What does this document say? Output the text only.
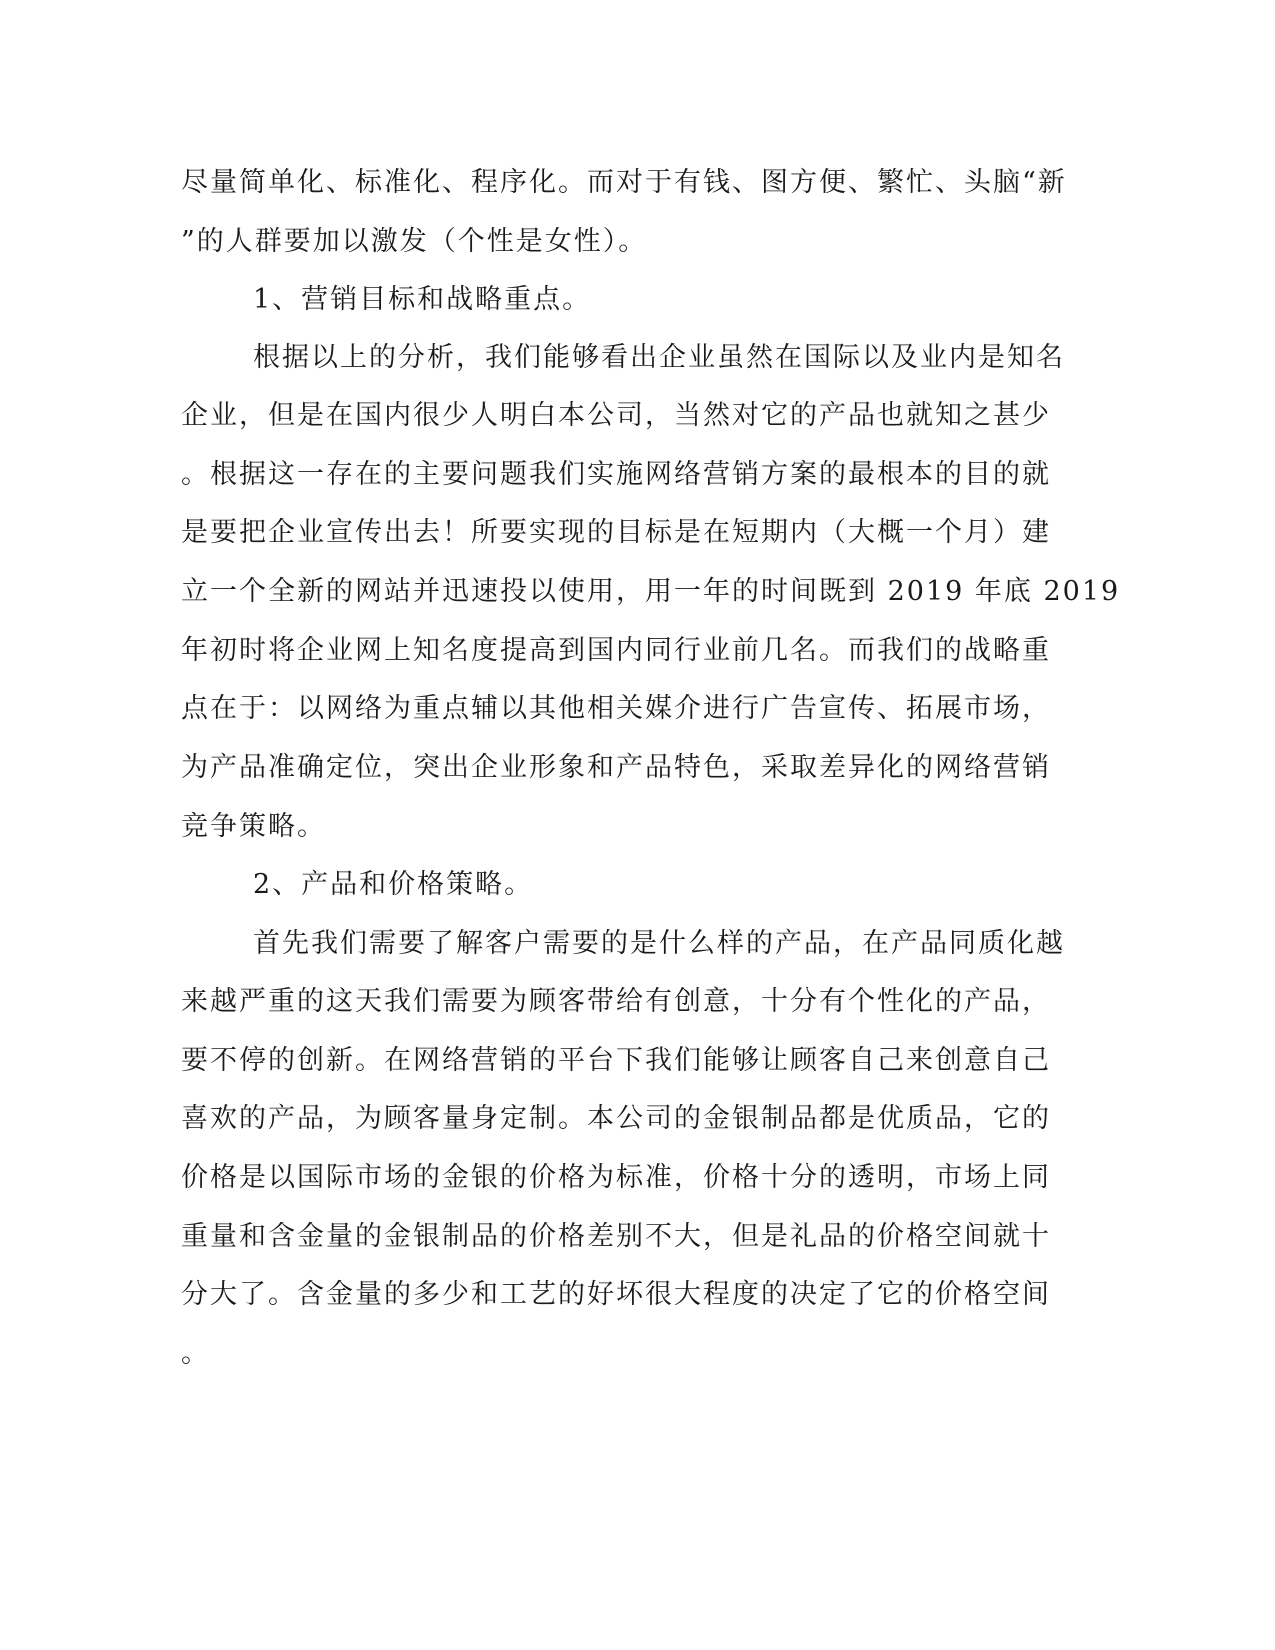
尽量简单化、标准化、程序化。而对于有钱、图方便、繁忙、头脑“新

”的人群要加以激发（个性是女性）。

1、营销目标和战略重点。

根据以上的分析，我们能够看出企业虽然在国际以及业内是知名

企业，但是在国内很少人明白本公司，当然对它的产品也就知之甚少

。根据这一存在的主要问题我们实施网络营销方案的最根本的目的就

是要把企业宣传出去！所要实现的目标是在短期内（大概一个月）建

立一个全新的网站并迅速投以使用，用一年的时间既到 2019 年底 2019

年初时将企业网上知名度提高到国内同行业前几名。而我们的战略重

点在于：以网络为重点辅以其他相关媒介进行广告宣传、拓展市场，

为产品准确定位，突出企业形象和产品特色，采取差异化的网络营销

竞争策略。

2、产品和价格策略。

首先我们需要了解客户需要的是什么样的产品，在产品同质化越

来越严重的这天我们需要为顾客带给有创意，十分有个性化的产品，

要不停的创新。在网络营销的平台下我们能够让顾客自己来创意自己

喜欢的产品，为顾客量身定制。本公司的金银制品都是优质品，它的

价格是以国际市场的金银的价格为标准，价格十分的透明，市场上同

重量和含金量的金银制品的价格差别不大，但是礼品的价格空间就十

分大了。含金量的多少和工艺的好坏很大程度的决定了它的价格空间

。
